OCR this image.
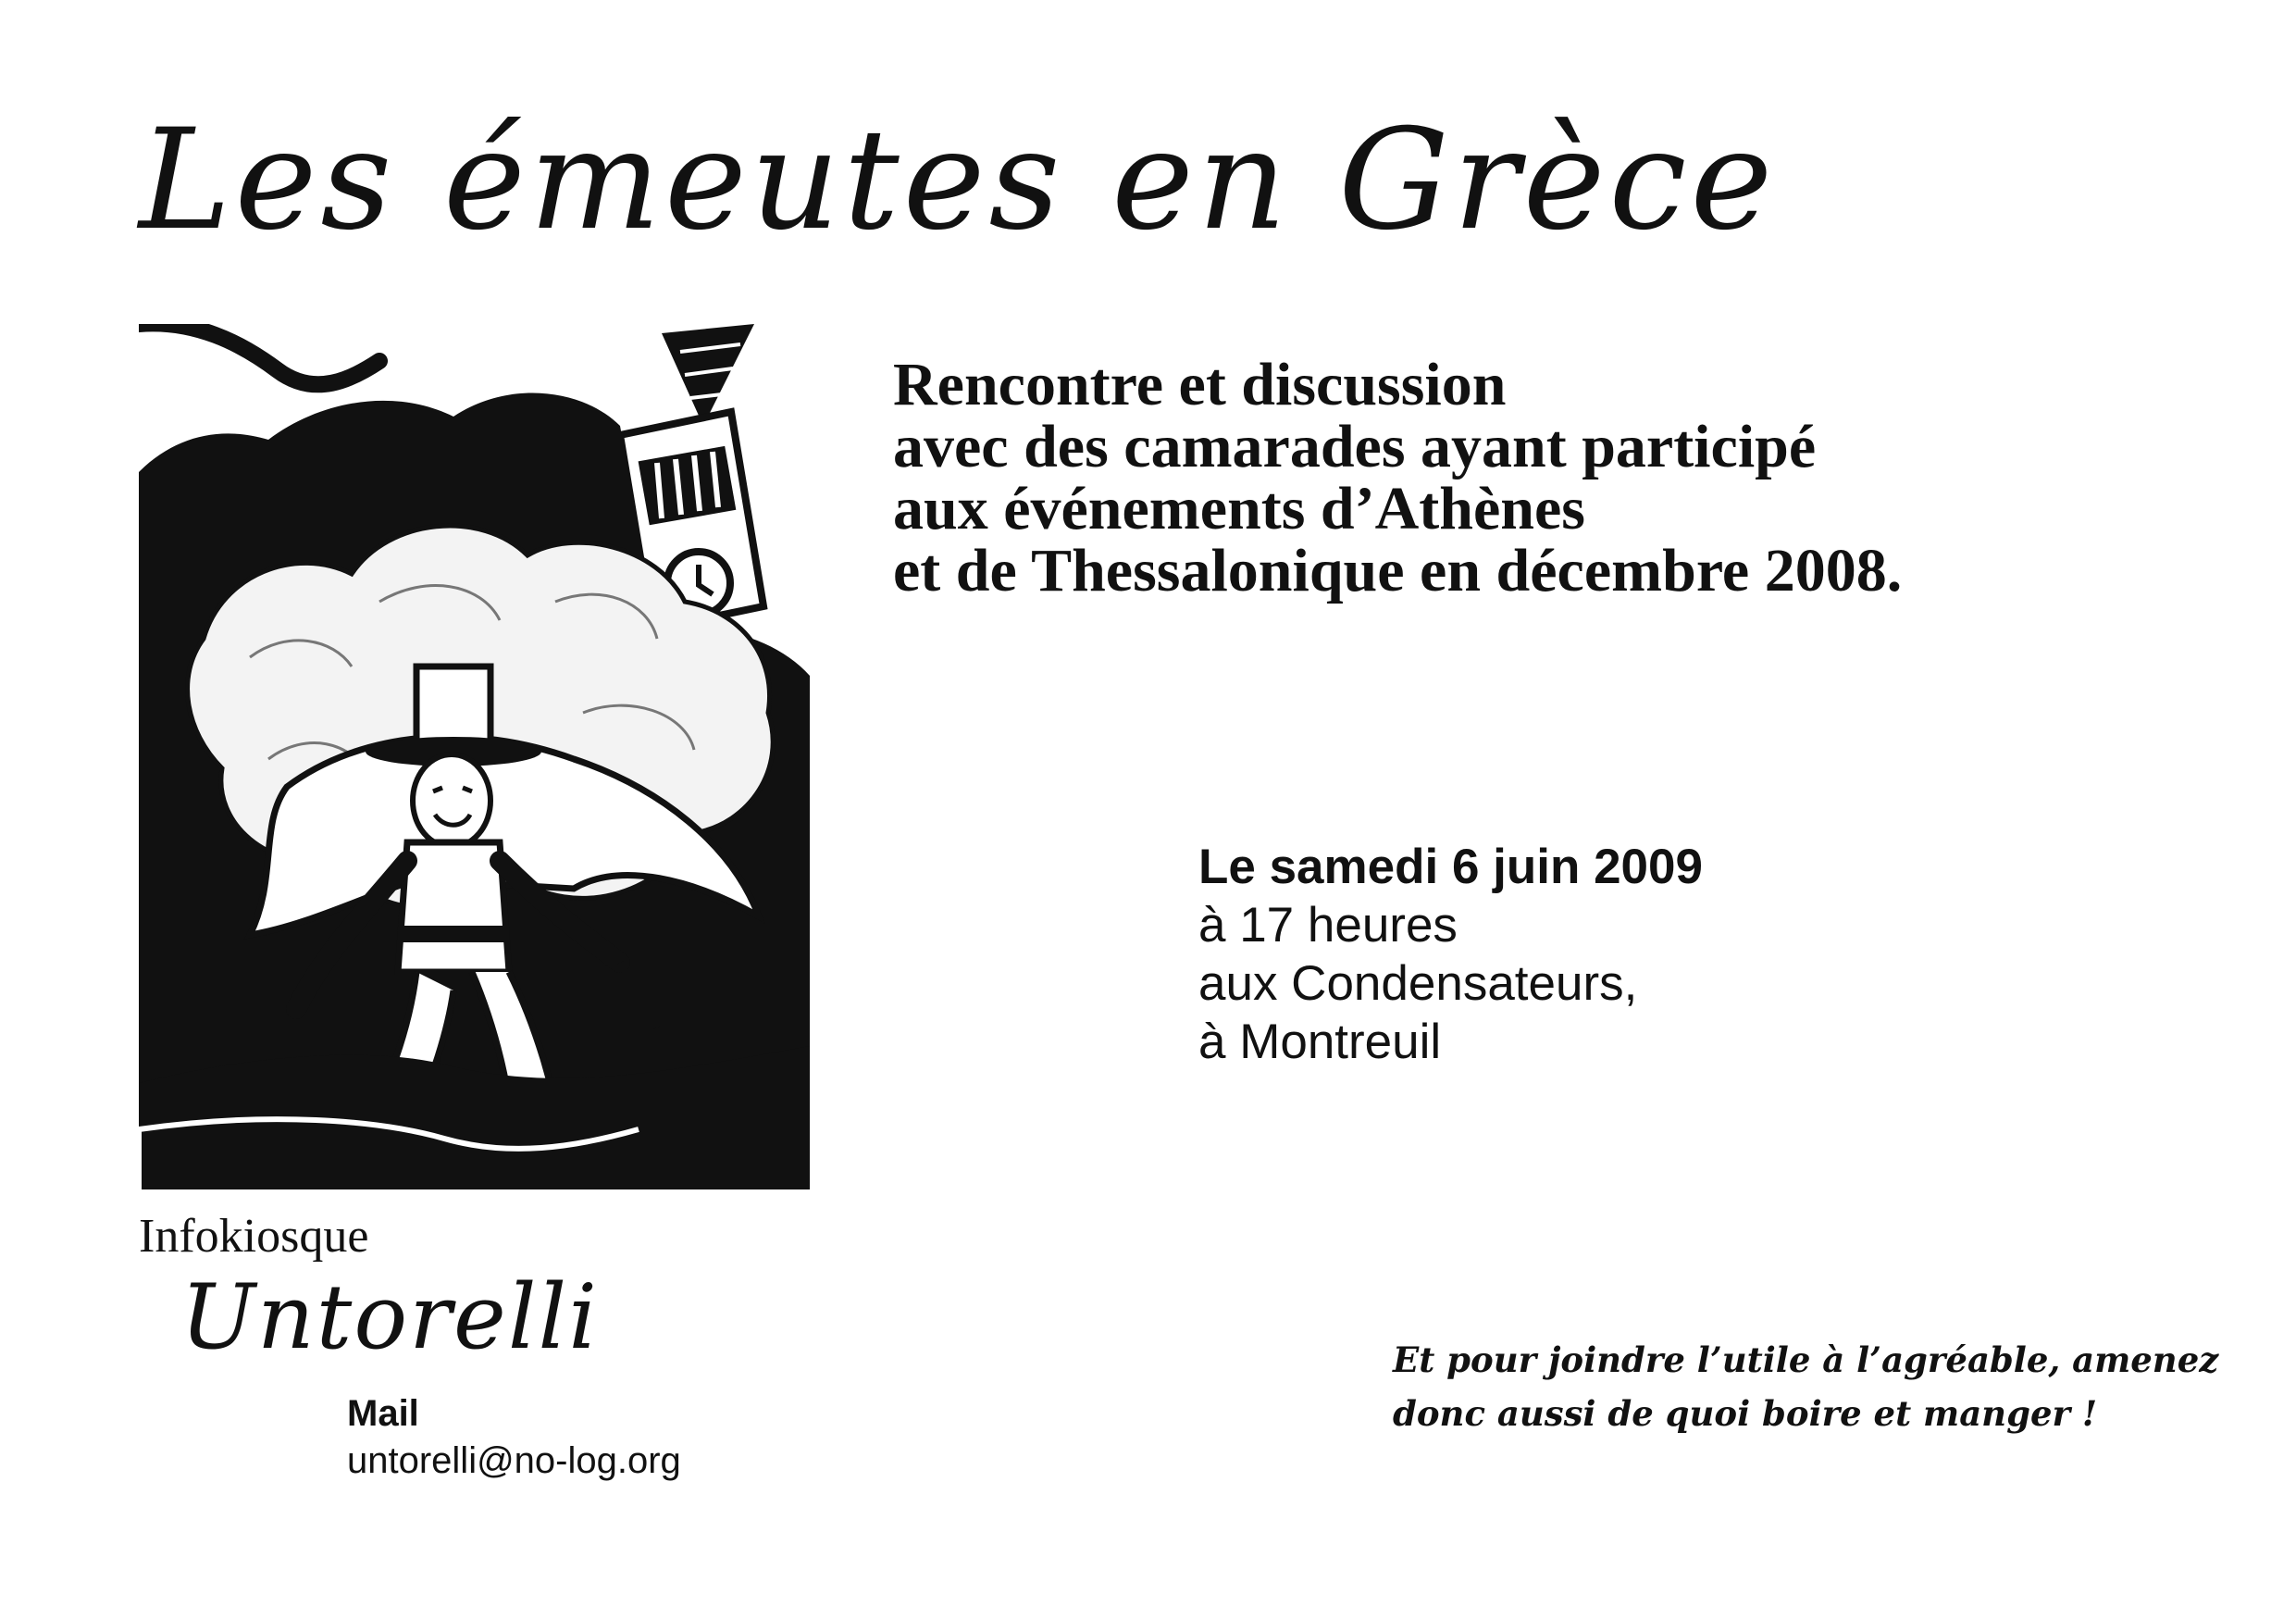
Les émeutes en Grèce
Rencontre et discussion
avec des camarades ayant participé
aux événements d’Athènes
et de Thessalonique en décembre 2008.
Le samedi 6 juin 2009
à 17 heures
aux Condensateurs,
à Montreuil
Infokiosque
Untorelli
Mail
untorelli@no-log.org
Et pour joindre l’utile à l’agréable, amenez
donc aussi de quoi boire et manger !
